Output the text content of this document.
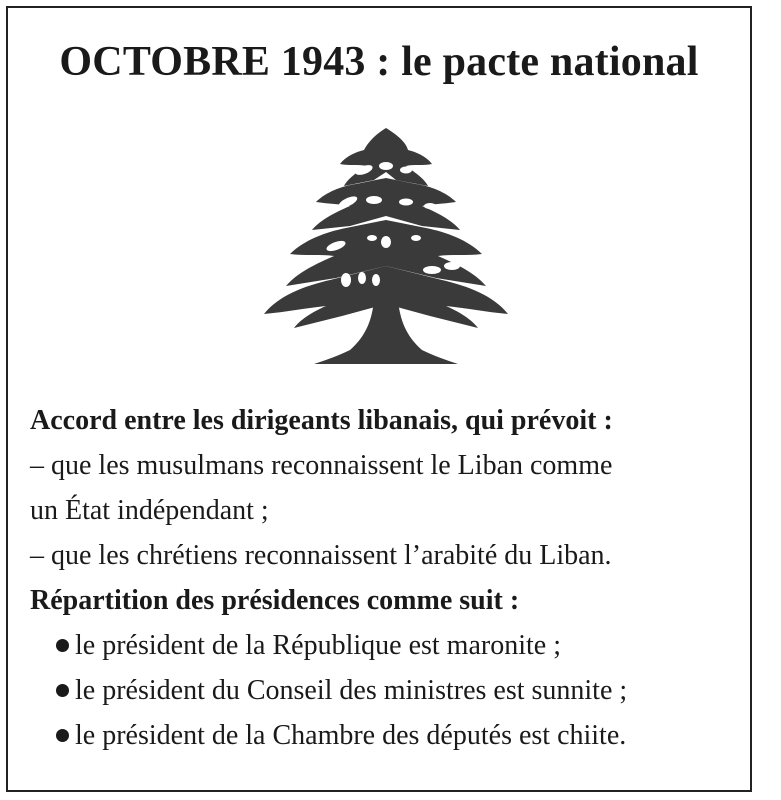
OCTOBRE 1943 : le pacte national

Accord entre les dirigeants libanais, qui prévoit :

– que les musulmans reconnaissent le Liban comme

un État indépendant ;

– que les chrétiens reconnaissent l’arabité du Liban.

Répartition des présidences comme suit :

le président de la République est maronite ;
le président du Conseil des ministres est sunnite ;
le président de la Chambre des députés est chiite.
